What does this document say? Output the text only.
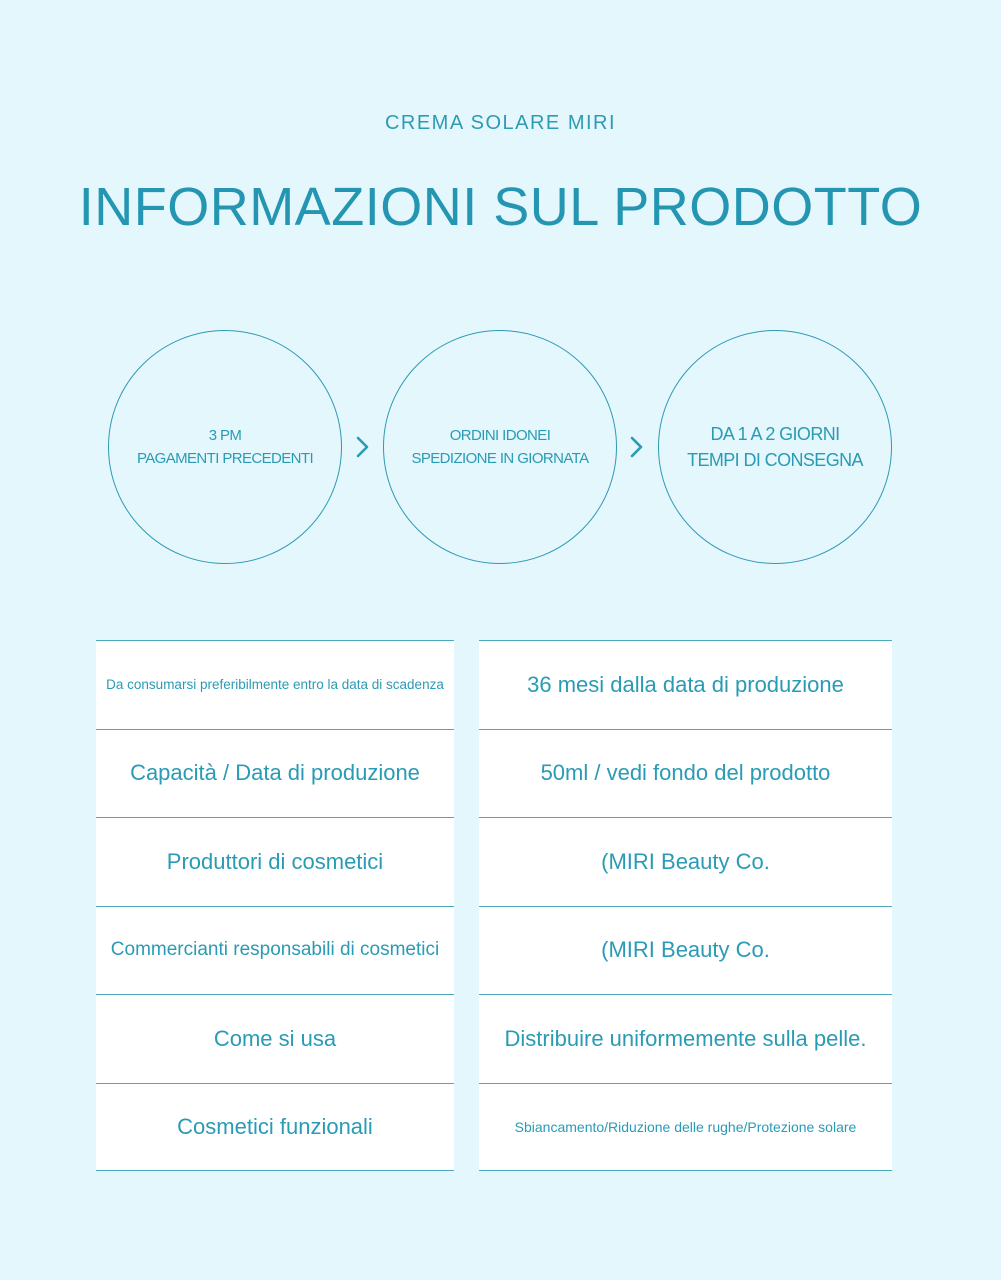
CREMA SOLARE MIRI
INFORMAZIONI SUL PRODOTTO
3 PM
PAGAMENTI PRECEDENTI
ORDINI IDONEI
SPEDIZIONE IN GIORNATA
DA 1 A 2 GIORNI
TEMPI DI CONSEGNA
Da consumarsi preferibilmente entro la data di scadenza
Capacità / Data di produzione
Produttori di cosmetici
Commercianti responsabili di cosmetici
Come si usa
Cosmetici funzionali
36 mesi dalla data di produzione
50ml / vedi fondo del prodotto
(MIRI Beauty Co.
(MIRI Beauty Co.
Distribuire uniformemente sulla pelle.
Sbiancamento/Riduzione delle rughe/Protezione solare
